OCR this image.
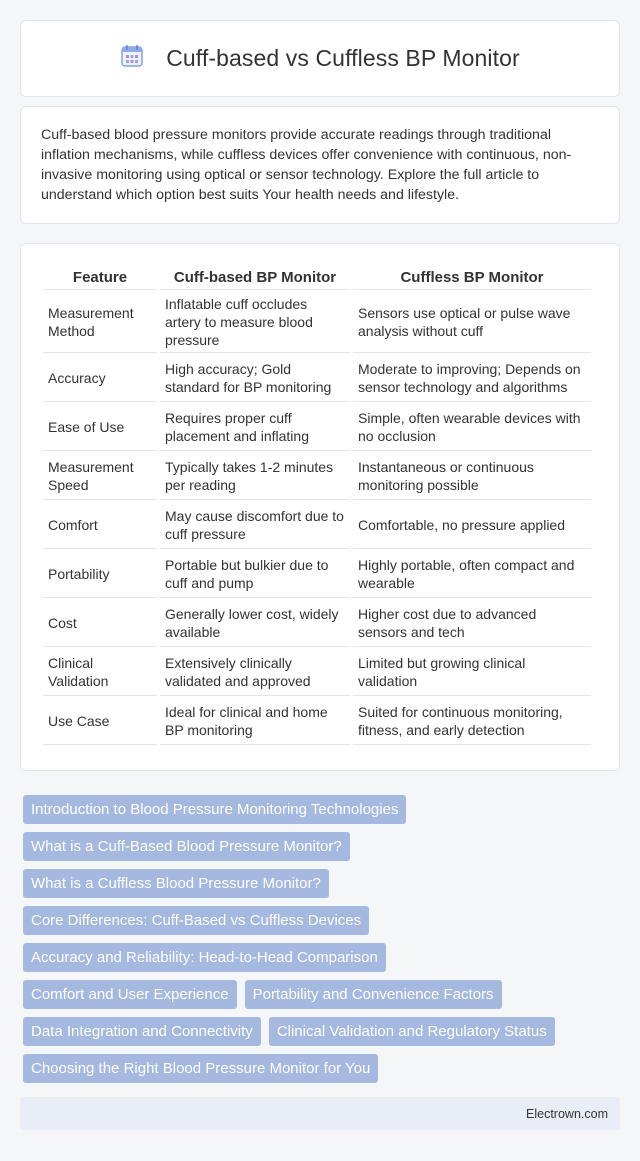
Cuff-based vs Cuffless BP Monitor

Cuff-based blood pressure monitors provide accurate readings through traditional inflation mechanisms, while cuffless devices offer convenience with continuous, non-invasive monitoring using optical or sensor technology. Explore the full article to understand which option best suits Your health needs and lifestyle.

Feature	Cuff-based BP Monitor	Cuffless BP Monitor
Measurement Method	Inflatable cuff occludes artery to measure blood pressure	Sensors use optical or pulse wave analysis without cuff
Accuracy	High accuracy; Gold standard for BP monitoring	Moderate to improving; Depends on sensor technology and algorithms
Ease of Use	Requires proper cuff placement and inflating	Simple, often wearable devices with no occlusion
Measurement Speed	Typically takes 1-2 minutes per reading	Instantaneous or continuous monitoring possible
Comfort	May cause discomfort due to cuff pressure	Comfortable, no pressure applied
Portability	Portable but bulkier due to cuff and pump	Highly portable, often compact and wearable
Cost	Generally lower cost, widely available	Higher cost due to advanced sensors and tech
Clinical Validation	Extensively clinically validated and approved	Limited but growing clinical validation
Use Case	Ideal for clinical and home BP monitoring	Suited for continuous monitoring, fitness, and early detection
Introduction to Blood Pressure Monitoring Technologies
What is a Cuff-Based Blood Pressure Monitor?
What is a Cuffless Blood Pressure Monitor?
Core Differences: Cuff-Based vs Cuffless Devices
Accuracy and Reliability: Head-to-Head Comparison
Comfort and User Experience	Portability and Convenience Factors
Data Integration and Connectivity	Clinical Validation and Regulatory Status
Choosing the Right Blood Pressure Monitor for You
Electrown.com
